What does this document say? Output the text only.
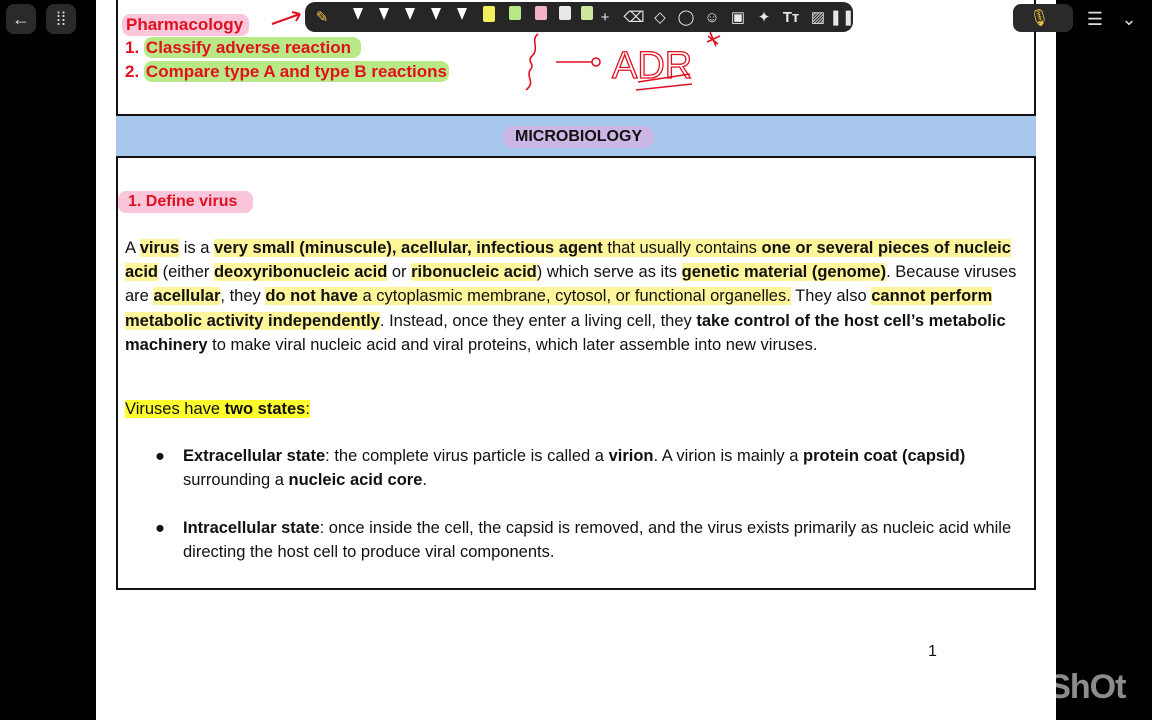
Pharmacology
1. Classify adverse reaction
2. Compare type A and type B reactions	ADR
MICROBIOLOGY
1. Define virus
A virus is a very small (minuscule), acellular, infectious agent that usually contains one or several pieces of nucleic acid (either deoxyribonucleic acid or ribonucleic acid) which serve as its genetic material (genome). Because viruses are acellular, they do not have a cytoplasmic membrane, cytosol, or functional organelles. They also cannot perform metabolic activity independently. Instead, once they enter a living cell, they take control of the host cell’s metabolic machinery to make viral nucleic acid and viral proteins, which later assemble into new viruses.
Viruses have two states:
● Extracellular state: the complete virus particle is called a virion. A virion is mainly a protein coat (capsid) surrounding a nucleic acid core.
● Intracellular state: once inside the cell, the capsid is removed, and the virus exists primarily as nucleic acid while directing the host cell to produce viral components.
1
← ⁞⁞	✎	+ ⌫ ◇ ◯ ☺ ▣ ✦ Tт ▨ ❚❚	🎙 ☰ ⌄
inShOt
